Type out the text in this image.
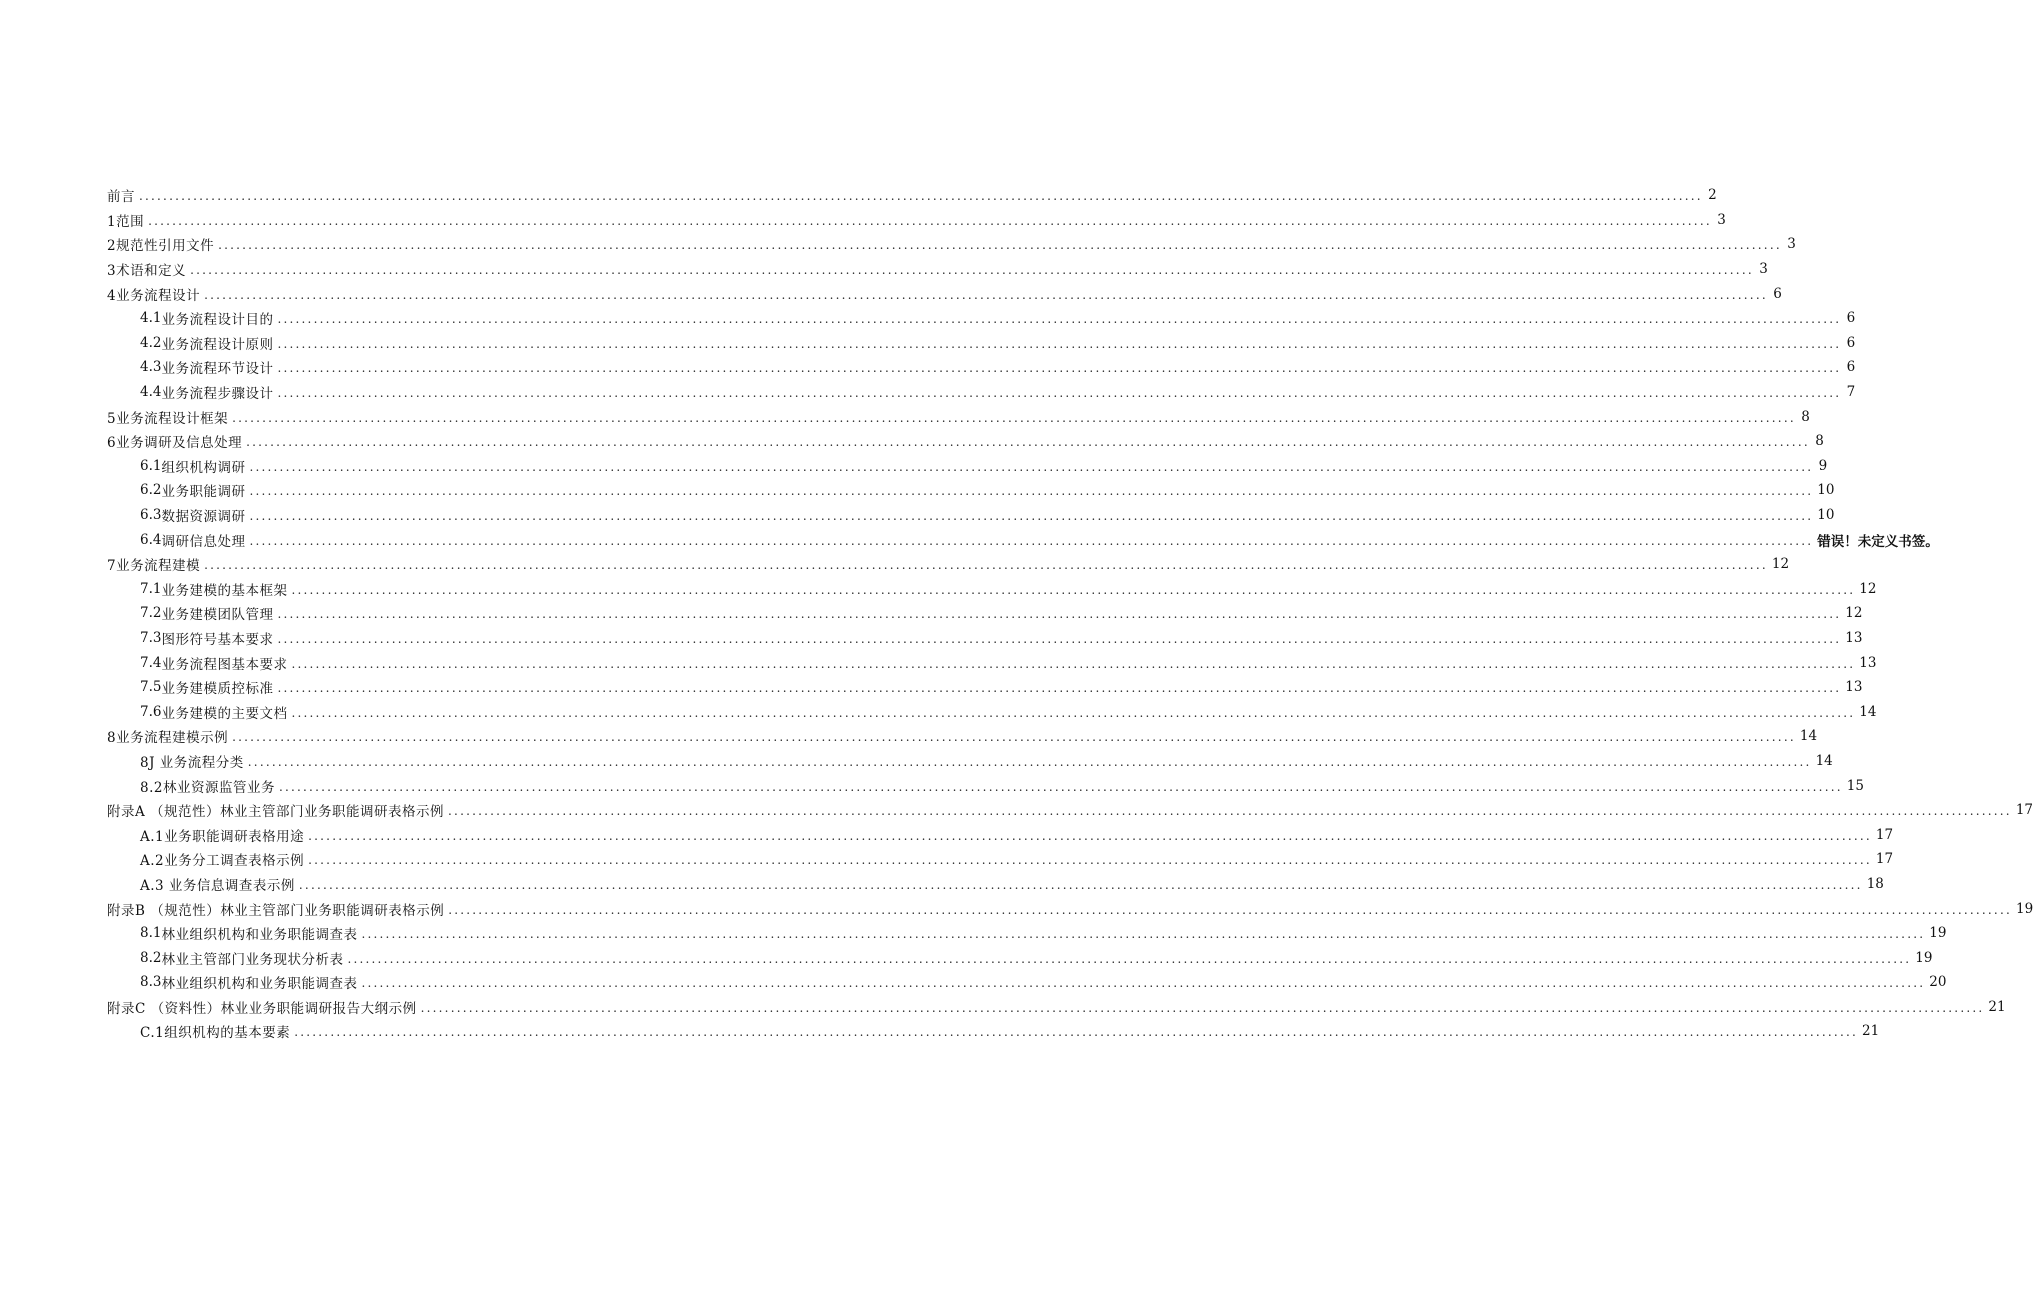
前言 .................................................................................................................................................................................................................................................................... 2
1范围 .................................................................................................................................................................................................................................................................... 3
2规范性引用文件 .................................................................................................................................................................................................................................................................... 3
3术语和定义 .................................................................................................................................................................................................................................................................... 3
4业务流程设计 .................................................................................................................................................................................................................................................................... 6
4.1 业务流程设计目的 .................................................................................................................................................................................................................................................................... 6
4.2 业务流程设计原则 .................................................................................................................................................................................................................................................................... 6
4.3 业务流程环节设计 .................................................................................................................................................................................................................................................................... 6
4.4 业务流程步骤设计 .................................................................................................................................................................................................................................................................... 7
5业务流程设计框架 .................................................................................................................................................................................................................................................................... 8
6业务调研及信息处理 .................................................................................................................................................................................................................................................................... 8
6.1 组织机构调研 .................................................................................................................................................................................................................................................................... 9
6.2 业务职能调研 .................................................................................................................................................................................................................................................................... 10
6.3 数据资源调研 .................................................................................................................................................................................................................................................................... 10
6.4 调研信息处理 .................................................................................................................................................................................................................................................................... 错误！未定义书签。
7业务流程建模 .................................................................................................................................................................................................................................................................... 12
7.1 业务建模的基本框架 .................................................................................................................................................................................................................................................................... 12
7.2 业务建模团队管理 .................................................................................................................................................................................................................................................................... 12
7.3 图形符号基本要求 .................................................................................................................................................................................................................................................................... 13
7.4 业务流程图基本要求 .................................................................................................................................................................................................................................................................... 13
7.5 业务建模质控标准 .................................................................................................................................................................................................................................................................... 13
7.6 业务建模的主要文档 .................................................................................................................................................................................................................................................................... 14
8业务流程建模示例 .................................................................................................................................................................................................................................................................... 14
8J 业务流程分类 .................................................................................................................................................................................................................................................................... 14
8.2林业资源监管业务 .................................................................................................................................................................................................................................................................... 15
附录A （规范性）林业主管部门业务职能调研表格示例 .................................................................................................................................................................................................................................................................... 17
A.1业务职能调研表格用途 .................................................................................................................................................................................................................................................................... 17
A.2业务分工调查表格示例 .................................................................................................................................................................................................................................................................... 17
A.3 业务信息调查表示例 .................................................................................................................................................................................................................................................................... 18
附录B （规范性）林业主管部门业务职能调研表格示例 .................................................................................................................................................................................................................................................................... 19
8.1 林业组织机构和业务职能调查表 .................................................................................................................................................................................................................................................................... 19
8.2 林业主管部门业务现状分析表 .................................................................................................................................................................................................................................................................... 19
8.3 林业组织机构和业务职能调查表 .................................................................................................................................................................................................................................................................... 20
附录C （资料性）林业业务职能调研报告大纲示例 .................................................................................................................................................................................................................................................................... 21
C.1组织机构的基本要素 .................................................................................................................................................................................................................................................................... 21
